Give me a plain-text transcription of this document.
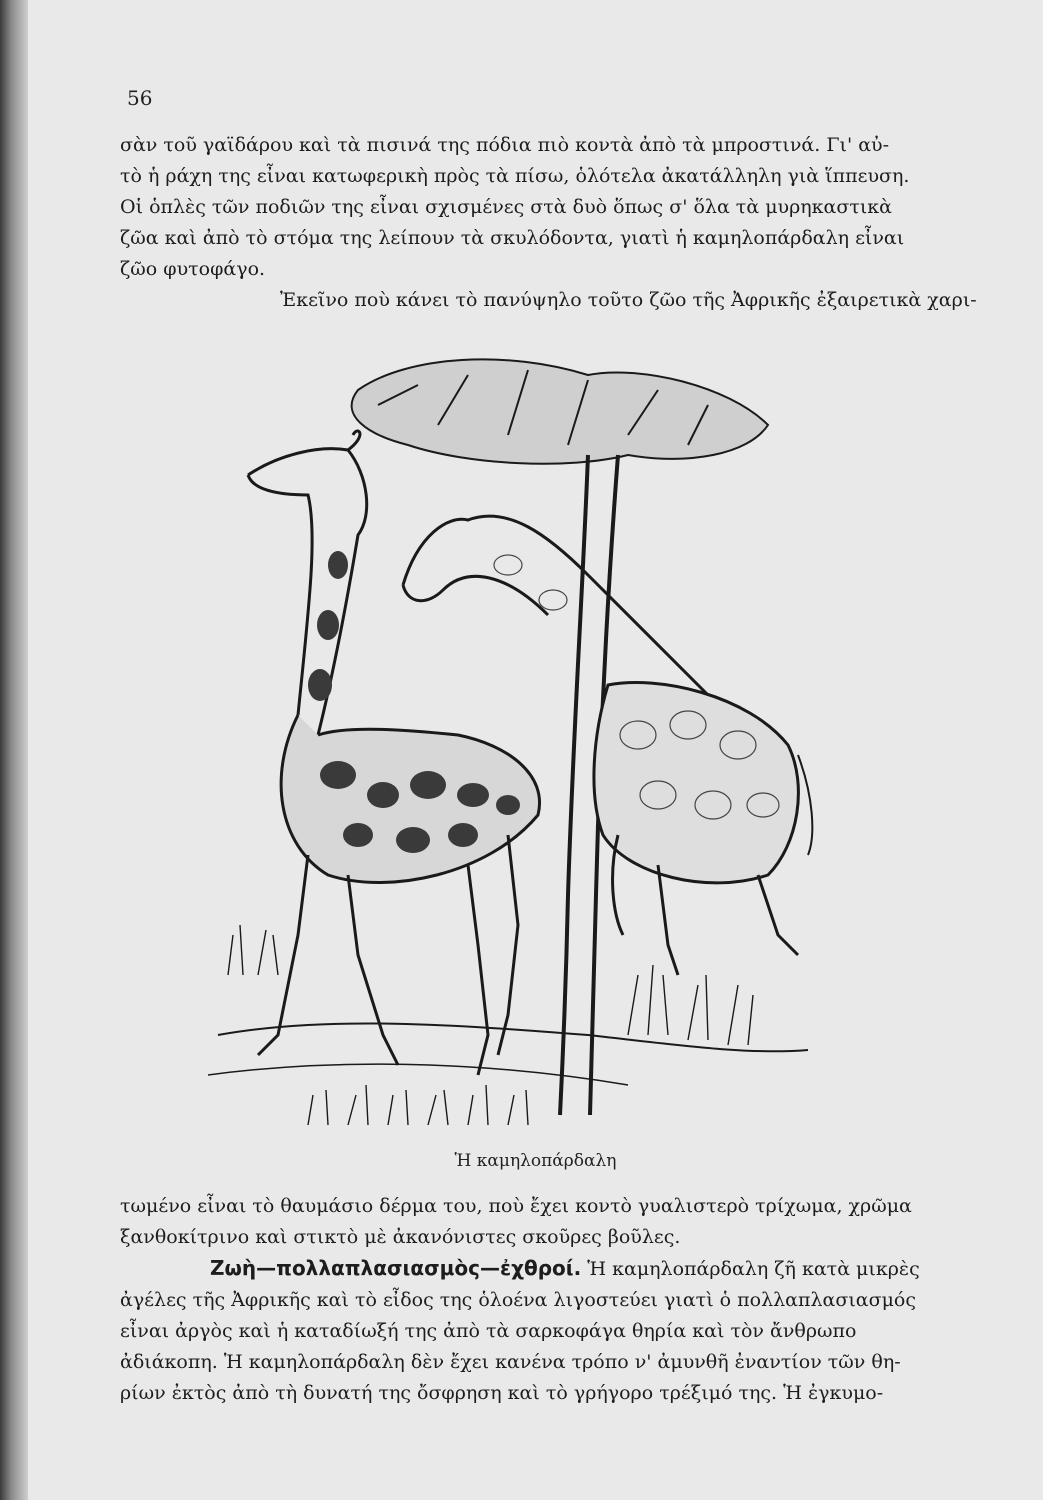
56
σὰν τοῦ γαϊδάρου καὶ τὰ πισινά της πόδια πιὸ κοντὰ ἀπὸ τὰ μπροστινά. Γι' αὐ-
τὸ ἡ ράχη της εἶναι κατωφερικὴ πρὸς τὰ πίσω, ὁλότελα ἀκατάλληλη γιὰ ἵππευση.
Οἱ ὁπλὲς τῶν ποδιῶν της εἶναι σχισμένες στὰ δυὸ ὅπως σ' ὅλα τὰ μυρηκαστικὰ
ζῶα καὶ ἀπὸ τὸ στόμα της λείπουν τὰ σκυλόδοντα, γιατὶ ἡ καμηλοπάρδαλη εἶναι
ζῶο φυτοφάγο.
Ἐκεῖνο ποὺ κάνει τὸ πανύψηλο τοῦτο ζῶο τῆς Ἀφρικῆς ἐξαιρετικὰ χαρι-
Ἡ καμηλοπάρδαλη
τωμένο εἶναι τὸ θαυμάσιο δέρμα του, ποὺ ἔχει κοντὸ γυαλιστερὸ τρίχωμα, χρῶμα
ξανθοκίτρινο καὶ στικτὸ μὲ ἀκανόνιστες σκοῦρες βοῦλες.
Ζωὴ—πολλαπλασιασμὸς—ἐχθροί. Ἡ καμηλοπάρδαλη ζῆ κατὰ μικρὲς
ἀγέλες τῆς Ἀφρικῆς καὶ τὸ εἶδος της ὁλοένα λιγοστεύει γιατὶ ὁ πολλαπλασιασμός
εἶναι ἀργὸς καὶ ἡ καταδίωξή της ἀπὸ τὰ σαρκοφάγα θηρία καὶ τὸν ἄνθρωπο
ἀδιάκοπη. Ἡ καμηλοπάρδαλη δὲν ἔχει κανένα τρόπο ν' ἀμυνθῆ ἐναντίον τῶν θη-
ρίων ἐκτὸς ἀπὸ τὴ δυνατή της ὄσφρηση καὶ τὸ γρήγορο τρέξιμό της. Ἡ ἐγκυμο-
